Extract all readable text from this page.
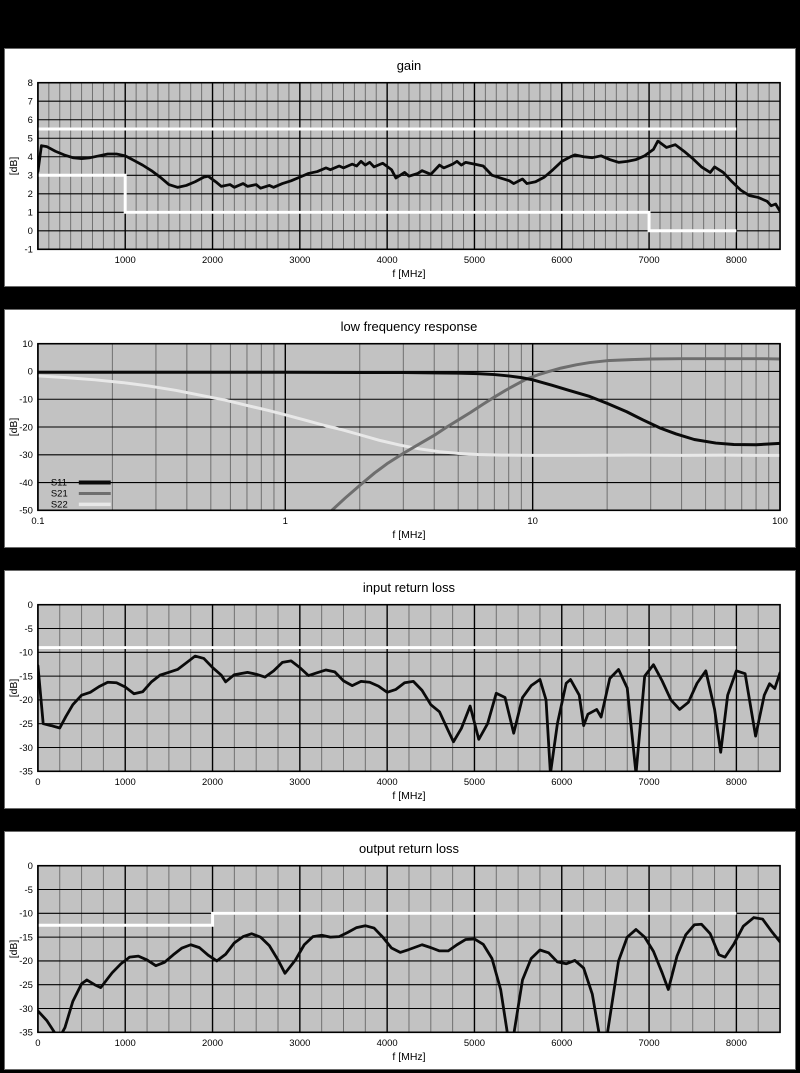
8
7
6
5
4
3
2
1
0
-1
1000	2000	3000	4000	5000	6000	7000	8000
gain
f [MHz]
[dB]
10
0
-10
-20
-30
-40
-50
0.1	1	10	100
low frequency response
f [MHz]
[dB]
S11
S21
S22
0
-5
-10
-15
-20
-25
-30
-35
0	1000	2000	3000	4000	5000	6000	7000	8000
input return loss
f [MHz]
[dB]
0
-5
-10
-15
-20
-25
-30
-35
0	1000	2000	3000	4000	5000	6000	7000	8000
output return loss
f [MHz]
[dB]
